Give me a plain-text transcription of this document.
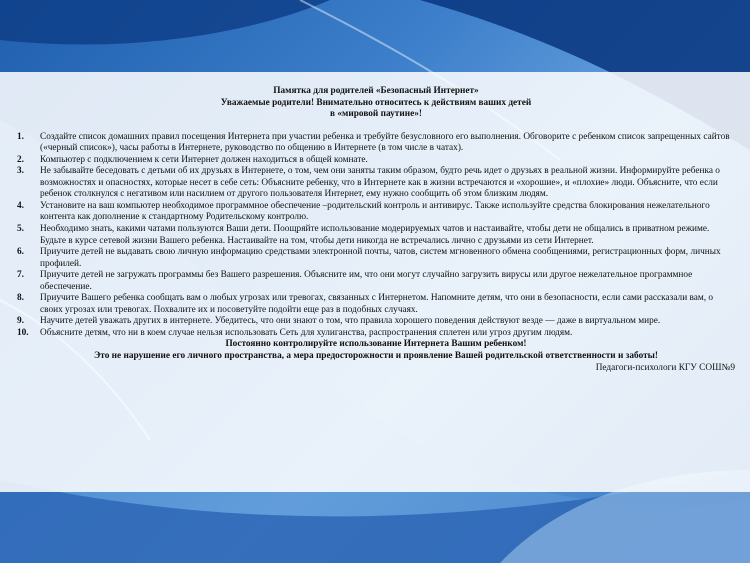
Памятка для родителей «Безопасный Интернет»
Уважаемые родители! Внимательно относитесь к действиям ваших детей
в «мировой паутине»!
1.	Создайте список домашних правил посещения Интернета при участии ребенка и требуйте безусловного его выполнения. Обговорите с ребенком список запрещенных сайтов («черный список»), часы работы в Интернете, руководство по общению в Интернете (в том числе в чатах).
2.	Компьютер с подключением к сети Интернет должен находиться в общей комнате.
3.	Не забывайте беседовать с детьми об их друзьях в Интернете, о том, чем они заняты таким образом, будто речь идет о друзьях в реальной жизни. Информируйте ребенка о возможностях и опасностях, которые несет в себе сеть: Объясните ребенку, что в Интернете как в жизни встречаются и «хорошие», и «плохие» люди. Объясните, что если ребенок столкнулся с негативом или насилием от другого пользователя Интернет, ему нужно сообщить об этом близким людям.
4.	Установите на ваш компьютер необходимое программное обеспечение –родительский контроль и антивирус. Также используйте средства блокирования нежелательного контента как дополнение к стандартному Родительскому контролю.
5.	Необходимо знать, какими чатами пользуются Ваши дети. Поощряйте использование модерируемых чатов и настаивайте, чтобы дети не общались в приватном режиме. Будьте в курсе сетевой жизни Вашего ребенка. Настаивайте на том, чтобы дети никогда не встречались лично с друзьями из сети Интернет.
6.	Приучите детей не выдавать свою личную информацию средствами электронной почты, чатов, систем мгновенного обмена сообщениями, регистрационных форм, личных профилей.
7.	Приучите детей не загружать программы без Вашего разрешения. Объясните им, что они могут случайно загрузить вирусы или другое нежелательное программное обеспечение.
8.	Приучите Вашего ребенка сообщать вам о любых угрозах или тревогах, связанных с Интернетом. Напомните детям, что они в безопасности, если сами рассказали вам, о своих угрозах или тревогах. Похвалите их и посоветуйте подойти еще раз в подобных случаях.
9.	Научите детей уважать других в интернете. Убедитесь, что они знают о том, что правила хорошего поведения действуют везде — даже в виртуальном мире.
10.	Объясните детям, что ни в коем случае нельзя использовать Сеть для хулиганства, распространения сплетен или угроз другим людям.
Постоянно контролируйте использование Интернета Вашим ребенком!
Это не нарушение его личного пространства, а мера предосторожности и проявление Вашей родительской ответственности и заботы!
Педагоги-психологи КГУ СОШ№9
